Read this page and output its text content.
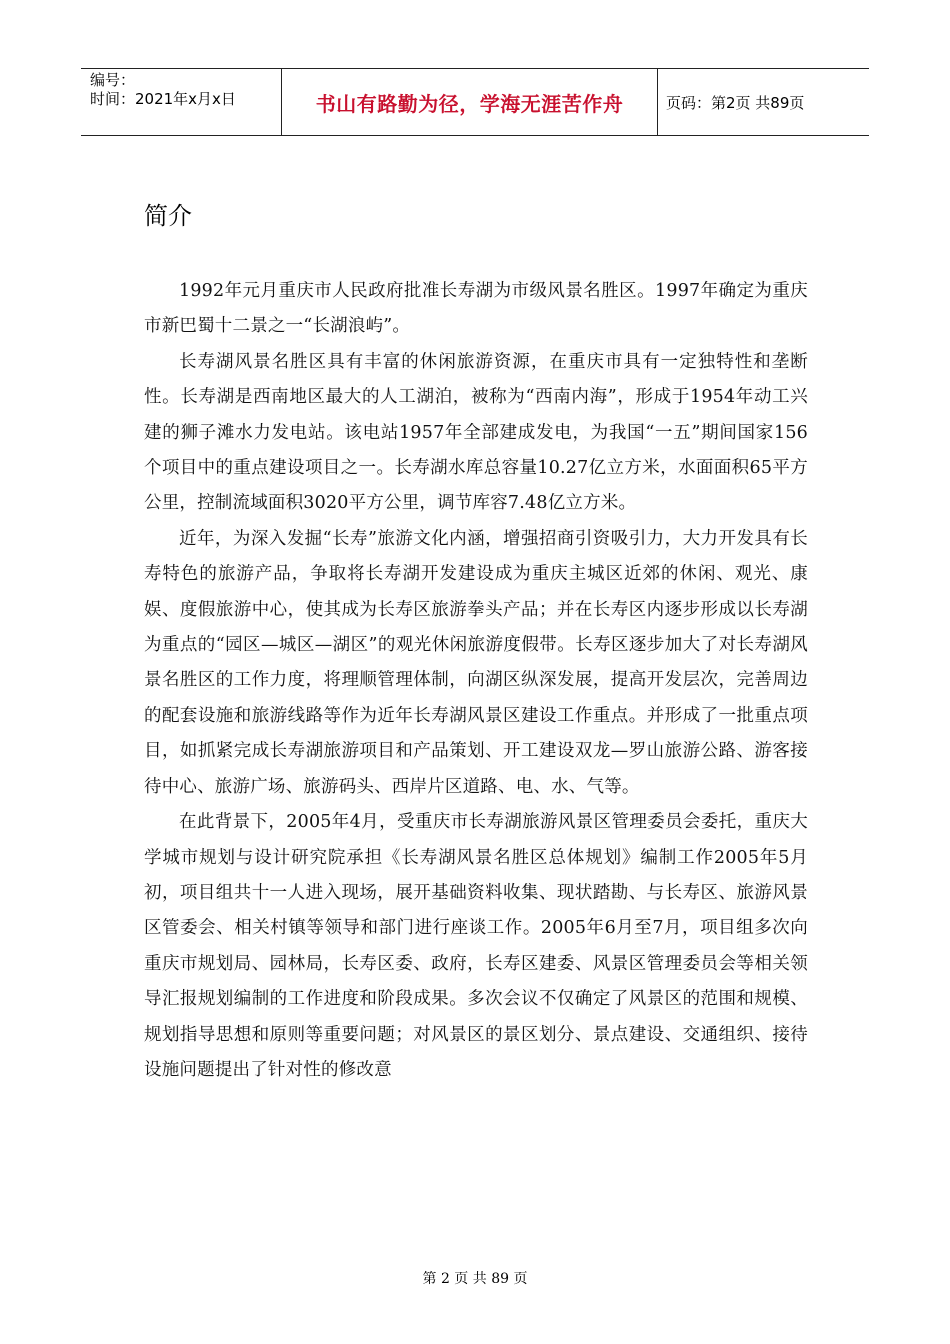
编号：
时间：2021年x月x日	书山有路勤为径，学海无涯苦作舟	页码：第2页 共89页
简介

1992年元月重庆市人民政府批准长寿湖为市级风景名胜区。1997年确定为重庆市新巴蜀十二景之一“长湖浪屿”。

长寿湖风景名胜区具有丰富的休闲旅游资源，在重庆市具有一定独特性和垄断性。长寿湖是西南地区最大的人工湖泊，被称为“西南内海”，形成于1954年动工兴建的狮子滩水力发电站。该电站1957年全部建成发电，为我国“一五”期间国家156个项目中的重点建设项目之一。长寿湖水库总容量10.27亿立方米，水面面积65平方公里，控制流域面积3020平方公里，调节库容7.48亿立方米。

近年，为深入发掘“长寿”旅游文化内涵，增强招商引资吸引力，大力开发具有长寿特色的旅游产品，争取将长寿湖开发建设成为重庆主城区近郊的休闲、观光、康娱、度假旅游中心，使其成为长寿区旅游拳头产品；并在长寿区内逐步形成以长寿湖为重点的“园区—城区—湖区”的观光休闲旅游度假带。长寿区逐步加大了对长寿湖风景名胜区的工作力度，将理顺管理体制，向湖区纵深发展，提高开发层次，完善周边的配套设施和旅游线路等作为近年长寿湖风景区建设工作重点。并形成了一批重点项目，如抓紧完成长寿湖旅游项目和产品策划、开工建设双龙—罗山旅游公路、游客接待中心、旅游广场、旅游码头、西岸片区道路、电、水、气等。

在此背景下，2005年4月，受重庆市长寿湖旅游风景区管理委员会委托，重庆大学城市规划与设计研究院承担《长寿湖风景名胜区总体规划》编制工作2005年5月初，项目组共十一人进入现场，展开基础资料收集、现状踏勘、与长寿区、旅游风景区管委会、相关村镇等领导和部门进行座谈工作。2005年6月至7月，项目组多次向重庆市规划局、园林局，长寿区委、政府，长寿区建委、风景区管理委员会等相关领导汇报规划编制的工作进度和阶段成果。多次会议不仅确定了风景区的范围和规模、规划指导思想和原则等重要问题；对风景区的景区划分、景点建设、交通组织、接待设施问题提出了针对性的修改意

第 2 页 共 89 页
